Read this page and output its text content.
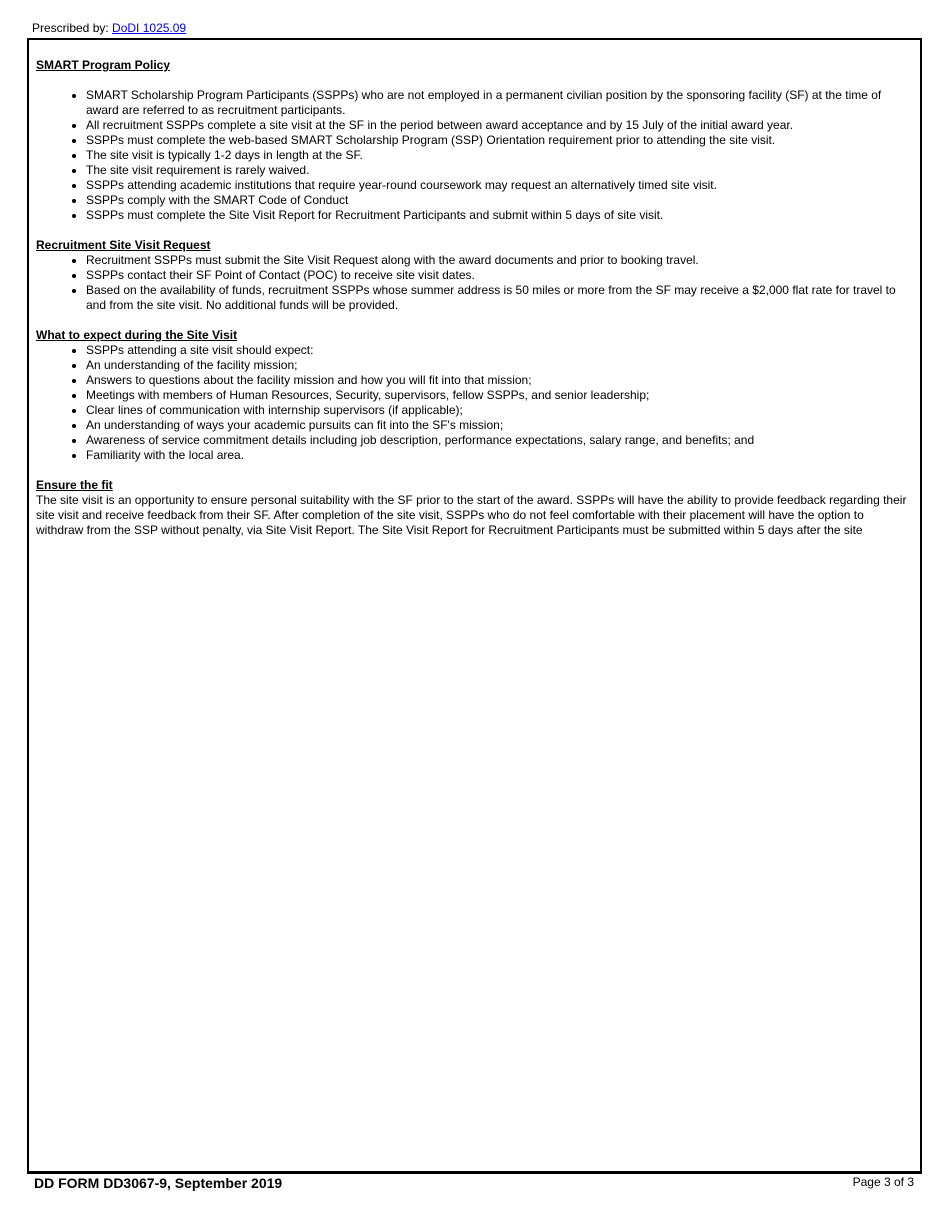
Prescribed by: DoDI 1025.09

SMART Program Policy

• SMART Scholarship Program Participants (SSPPs) who are not employed in a permanent civilian position by the sponsoring facility (SF) at the time of award are referred to as recruitment participants.
• All recruitment SSPPs complete a site visit at the SF in the period between award acceptance and by 15 July of the initial award year.
• SSPPs must complete the web-based SMART Scholarship Program (SSP) Orientation requirement prior to attending the site visit.
• The site visit is typically 1-2 days in length at the SF.
• The site visit requirement is rarely waived.
• SSPPs attending academic institutions that require year-round coursework may request an alternatively timed site visit.
• SSPPs comply with the SMART Code of Conduct
• SSPPs must complete the Site Visit Report for Recruitment Participants and submit within 5 days of site visit.

Recruitment Site Visit Request

• Recruitment SSPPs must submit the Site Visit Request along with the award documents and prior to booking travel.
• SSPPs contact their SF Point of Contact (POC) to receive site visit dates.
• Based on the availability of funds, recruitment SSPPs whose summer address is 50 miles or more from the SF may receive a $2,000 flat rate for travel to and from the site visit. No additional funds will be provided.

What to expect during the Site Visit

• SSPPs attending a site visit should expect:
• An understanding of the facility mission;
• Answers to questions about the facility mission and how you will fit into that mission;
• Meetings with members of Human Resources, Security, supervisors, fellow SSPPs, and senior leadership;
• Clear lines of communication with internship supervisors (if applicable);
• An understanding of ways your academic pursuits can fit into the SF's mission;
• Awareness of service commitment details including job description, performance expectations, salary range, and benefits; and
• Familiarity with the local area.

Ensure the fit

The site visit is an opportunity to ensure personal suitability with the SF prior to the start of the award. SSPPs will have the ability to provide feedback regarding their site visit and receive feedback from their SF. After completion of the site visit, SSPPs who do not feel comfortable with their placement will have the option to withdraw from the SSP without penalty, via Site Visit Report. The Site Visit Report for Recruitment Participants must be submitted within 5 days after the site

DD FORM DD3067-9, September 2019	Page 3 of 3
